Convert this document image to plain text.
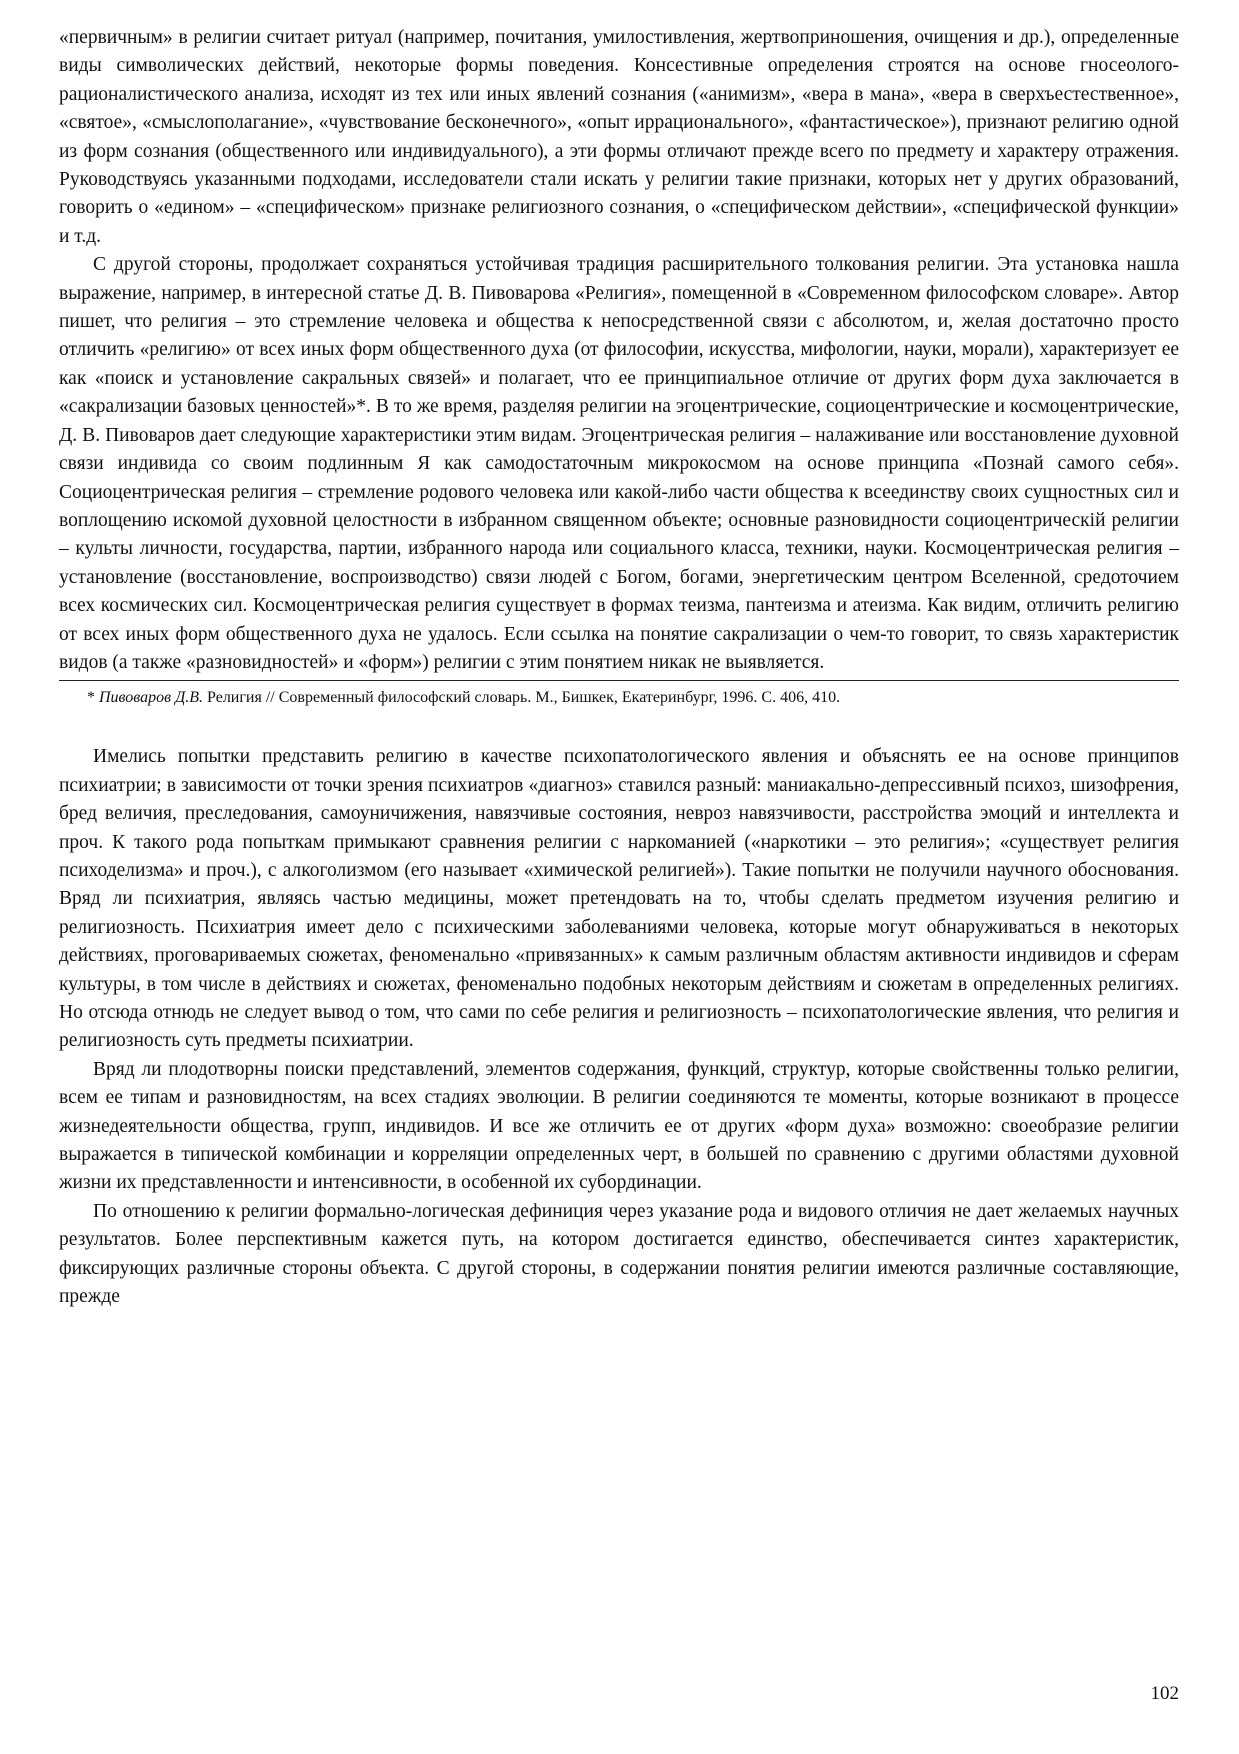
«первичным» в религии считает ритуал (например, почитания, умилостивления, жертвоприношения, очищения и др.), определенные виды символических действий, некоторые формы поведения. Консестивные определения строятся на основе гносеолого-рационалистического анализа, исходят из тех или иных явлений сознания («анимизм», «вера в мана», «вера в сверхъестественное», «святое», «смыслополагание», «чувствование бесконечного», «опыт иррационального», «фантастическое»), признают религию одной из форм сознания (общественного или индивидуального), а эти формы отличают прежде всего по предмету и характеру отражения. Руководствуясь указанными подходами, исследователи стали искать у религии такие признаки, которых нет у других образований, говорить о «едином» – «специфическом» признаке религиозного сознания, о «специфическом действии», «специфической функции» и т.д.

С другой стороны, продолжает сохраняться устойчивая традиция расширительного толкования религии. Эта установка нашла выражение, например, в интересной статье Д. В. Пивоварова «Религия», помещенной в «Современном философском словаре». Автор пишет, что религия – это стремление человека и общества к непосредственной связи с абсолютом, и, желая достаточно просто отличить «религию» от всех иных форм общественного духа (от философии, искусства, мифологии, науки, морали), характеризует ее как «поиск и установление сакральных связей» и полагает, что ее принципиальное отличие от других форм духа заключается в «сакрализации базовых ценностей»*. В то же время, разделяя религии на эгоцентрические, социоцентрические и космоцентрические, Д. В. Пивоваров дает следующие характеристики этим видам. Эгоцентрическая религия – налаживание или восстановление духовной связи индивида со своим подлинным Я как самодостаточным микрокосмом на основе принципа «Познай самого себя». Социоцентрическая религия – стремление родового человека или какой-либо части общества к всеединству своих сущностных сил и воплощению искомой духовной целостности в избранном священном объекте; основные разновидности социоцентрическій религии – культы личности, государства, партии, избранного народа или социального класса, техники, науки. Космоцентрическая религия – установление (восстановление, воспроизводство) связи людей с Богом, богами, энергетическим центром Вселенной, средоточием всех космических сил. Космоцентрическая религия существует в формах теизма, пантеизма и атеизма. Как видим, отличить религию от всех иных форм общественного духа не удалось. Если ссылка на понятие сакрализации о чем-то говорит, то связь характеристик видов (а также «разновидностей» и «форм») религии с этим понятием никак не выявляется.

* Пивоваров Д.В. Религия // Современный философский словарь. М., Бишкек, Екатеринбург, 1996. С. 406, 410.

Имелись попытки представить религию в качестве психопатологического явления и объяснять ее на основе принципов психиатрии; в зависимости от точки зрения психиатров «диагноз» ставился разный: маниакально-депрессивный психоз, шизофрения, бред величия, преследования, самоуничижения, навязчивые состояния, невроз навязчивости, расстройства эмоций и интеллекта и проч. К такого рода попыткам примыкают сравнения религии с наркоманией («наркотики – это религия»; «существует религия психоделизма» и проч.), с алкоголизмом (его называет «химической религией»). Такие попытки не получили научного обоснования. Вряд ли психиатрия, являясь частью медицины, может претендовать на то, чтобы сделать предметом изучения религию и религиозность. Психиатрия имеет дело с психическими заболеваниями человека, которые могут обнаруживаться в некоторых действиях, проговариваемых сюжетах, феноменально «привязанных» к самым различным областям активности индивидов и сферам культуры, в том числе в действиях и сюжетах, феноменально подобных некоторым действиям и сюжетам в определенных религиях. Но отсюда отнюдь не следует вывод о том, что сами по себе религия и религиозность – психопатологические явления, что религия и религиозность суть предметы психиатрии.

Вряд ли плодотворны поиски представлений, элементов содержания, функций, структур, которые свойственны только религии, всем ее типам и разновидностям, на всех стадиях эволюции. В религии соединяются те моменты, которые возникают в процессе жизнедеятельности общества, групп, индивидов. И все же отличить ее от других «форм духа» возможно: своеобразие религии выражается в типической комбинации и корреляции определенных черт, в большей по сравнению с другими областями духовной жизни их представленности и интенсивности, в особенной их субординации.

По отношению к религии формально-логическая дефиниция через указание рода и видового отличия не дает желаемых научных результатов. Более перспективным кажется путь, на котором достигается единство, обеспечивается синтез характеристик, фиксирующих различные стороны объекта. С другой стороны, в содержании понятия религии имеются различные составляющие, прежде

102
